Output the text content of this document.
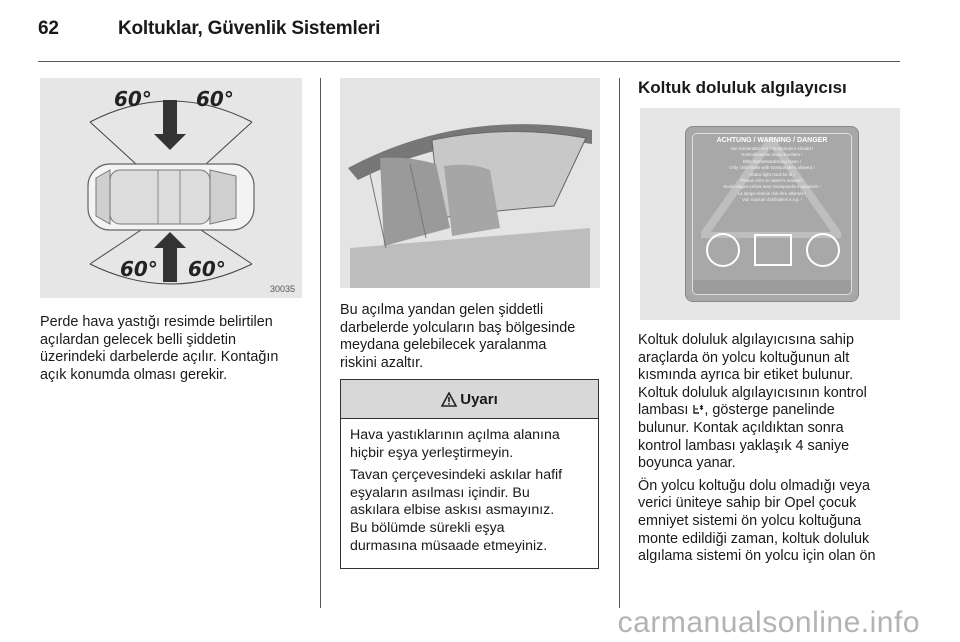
62	Koltuklar, Güvenlik Sistemleri
60° 60°
60° 60°
30035

Perde hava yastığı resimde belirtilen açılardan gelecek belli şiddetin üzerindeki darbelerde açılır. Kontağın açık konumda olması gerekir.

Bu açılma yandan gelen şiddetli
darbelerde yolcuların baş bölgesinde
meydana gelebilecek yaralanma
riskini azaltır.

Uyarı

Hava yastıklarının açılma alanına
hiçbir eşya yerleştirmeyin.

Tavan çerçevesindeki askılar hafif
eşyaların asılması içindir. Bu
askılara elbise askısı asmayınız.
Bu bölümde sürekli eşya
durmasına müsaade etmeyiniz.

Koltuk doluluk algılayıcısı
ACHTUNG / WARNING / DANGER
Nur Kindersitze mit Transpondern erlaubt !
Kontrollleuchte muss leuchten !
Bitte Betriebsanleitung lesen !
Only child seats with transponders allowed !
Status light must be lit !
Please refer to owner's manual !
Seuls sièges enfant avec transpondeur autorisés !
La lampe témoin doit être allumée !
Voir manuel d'utilisation s.v.p. !

Koltuk doluluk algılayıcısına sahip
araçlarda ön yolcu koltuğunun alt
kısmında ayrıca bir etiket bulunur.
Koltuk doluluk algılayıcısının kontrol
lambası , gösterge panelinde
bulunur. Kontak açıldıktan sonra
kontrol lambası yaklaşık 4 saniye
boyunca yanar.

Ön yolcu koltuğu dolu olmadığı veya
verici üniteye sahip bir Opel çocuk
emniyet sistemi ön yolcu koltuğuna
monte edildiği zaman, koltuk doluluk
algılama sistemi ön yolcu için olan ön

carmanualsonline.info
